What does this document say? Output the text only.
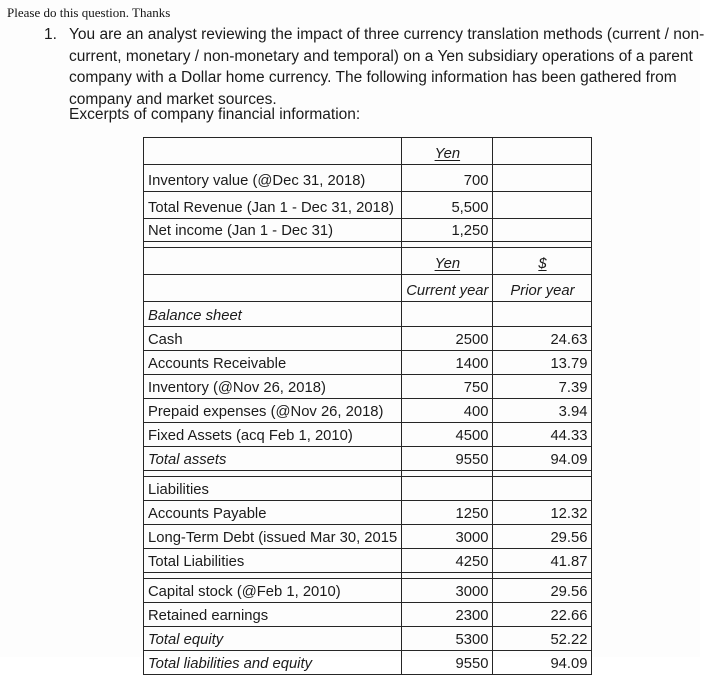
Please do this question. Thanks
1. You are an analyst reviewing the impact of three currency translation methods (current / non-
current, monetary / non-monetary and temporal) on a Yen subsidiary operations of a parent
company with a Dollar home currency. The following information has been gathered from
company and market sources.
Excerpts of company financial information:
	Yen	
Inventory value (@Dec 31, 2018)	700	
Total Revenue (Jan 1 - Dec 31, 2018)	5,500	
Net income (Jan 1 - Dec 31)	1,250	

	Yen	$
	Current year	Prior year
Balance sheet		
Cash	2500	24.63
Accounts Receivable	1400	13.79
Inventory (@Nov 26, 2018)	750	7.39
Prepaid expenses (@Nov 26, 2018)	400	3.94
Fixed Assets (acq Feb 1, 2010)	4500	44.33
Total assets	9550	94.09

Liabilities		
Accounts Payable	1250	12.32
Long-Term Debt (issued Mar 30, 2015	3000	29.56
Total Liabilities	4250	41.87

Capital stock (@Feb 1, 2010)	3000	29.56
Retained earnings	2300	22.66
Total equity	5300	52.22
Total liabilities and equity	9550	94.09
